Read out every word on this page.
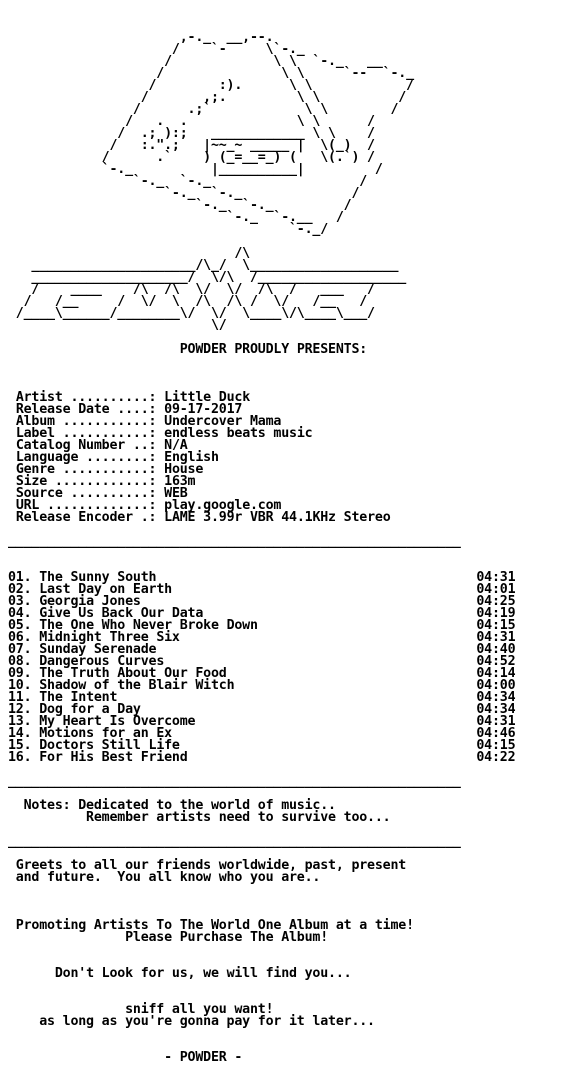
,-._  __,--.
/    `-     \`-._
/             \ \  `-._   __
/               \ \     `--  `-._
/        :).      \ \            /
/       ,;.         \ \          /
/      .;`            \ \        /
/   .  .              \ \      /
/  .; ):;   ____________ \ \    /
/   :.".;   |~~_~ _____ |  \(_)  /
/      .`    ) (_=__=_) (   \(.`) /
`-._          |__________|         /
`-._  `-._                   /
`-._  `-._              /
`-._  `-._         /
`-._  `-.__   /
`-._/

/\
_____________________/\_/  \___________________
____________________/  \/\  /___________________
/    ____    /\  /\  \/  \/  /\  /   ___   /
/   /__     /  \/  \  /\  /\ /  \/   /__   /
/____\______/________\/  \/  \____\/\____\___/
\/

POWDER PROUDLY PRESENTS:

Artist ..........: Little Duck
Release Date ....: 09-17-2017
Album ...........: Undercover Mama
Label ...........: endless beats music
Catalog Number ..: N/A
Language ........: English
Genre ...........: House
Size ............: 163m
Source ..........: WEB
URL .............: play.google.com
Release Encoder .: LAME 3.99r VBR 44.1KHz Stereo

__________________________________________________________

01. The Sunny South                                         04:31
02. Last Day on Earth                                       04:01
03. Georgia Jones                                           04:25
04. Give Us Back Our Data                                   04:19
05. The One Who Never Broke Down                            04:15
06. Midnight Three Six                                      04:31
07. Sunday Serenade                                         04:40
08. Dangerous Curves                                        04:52
09. The Truth About Our Food                                04:14
10. Shadow of the Blair Witch                               04:00
11. The Intent                                              04:34
12. Dog for a Day                                           04:34
13. My Heart Is Overcome                                    04:31
14. Motions for an Ex                                       04:46
15. Doctors Still Life                                      04:15
16. For His Best Friend                                     04:22

__________________________________________________________

Notes: Dedicated to the world of music..
Remember artists need to survive too...

__________________________________________________________

Greets to all our friends worldwide, past, present
and future.  You all know who you are..

Promoting Artists To The World One Album at a time!
Please Purchase The Album!

Don't Look for us, we will find you...

sniff all you want!
as long as you're gonna pay for it later...

- POWDER -
